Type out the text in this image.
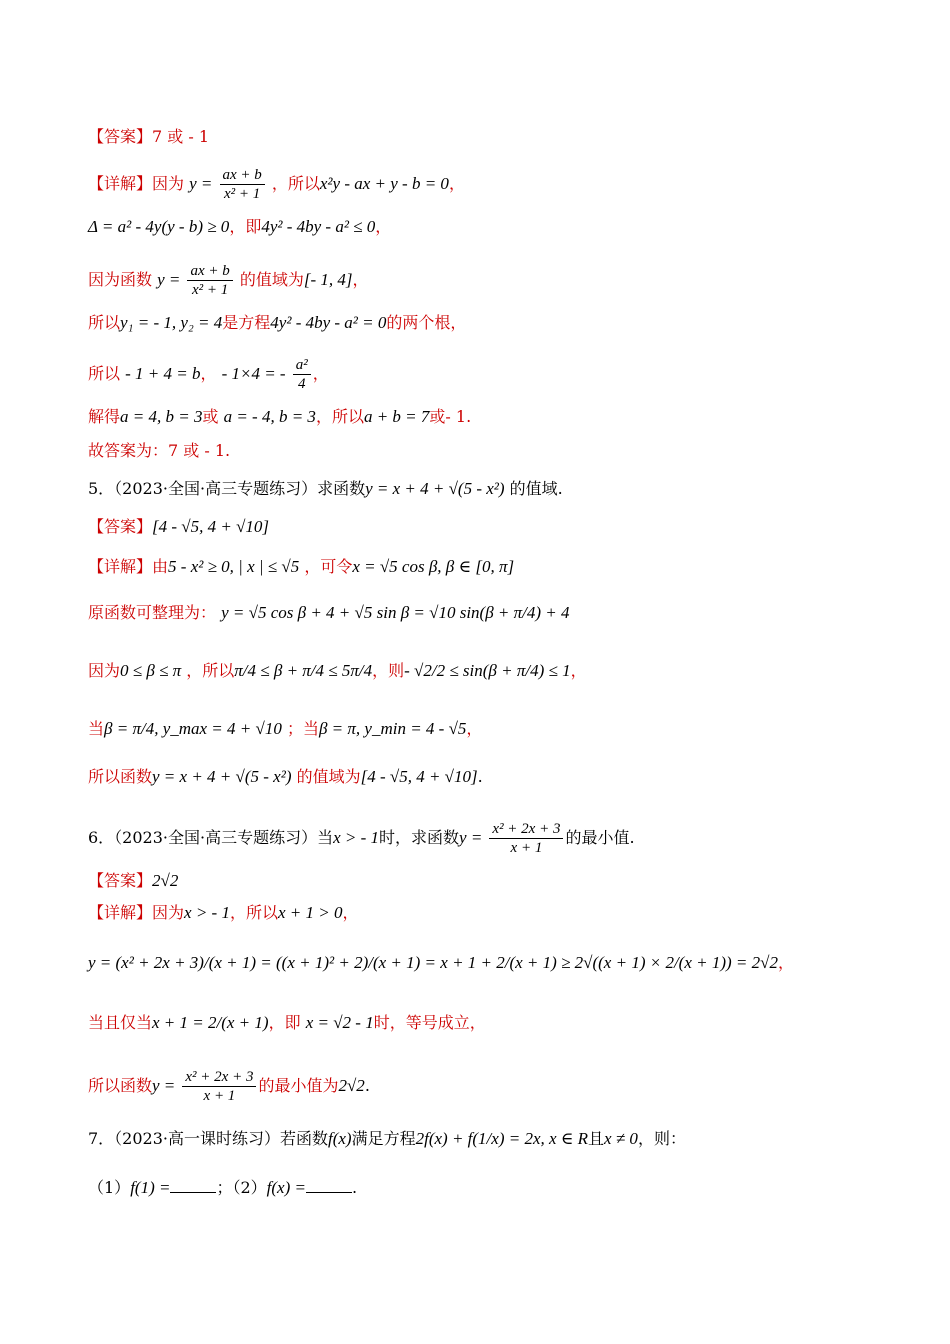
【答案】7 或 - 1
【详解】因为 $y = \frac{ax + b}{\text{x² + 1}}$ ，所以x²y - ax + y - b = 0，
Δ = a² - 4y(y - b) ≥ 0，即4y² - 4by - a² ≤ 0，
因为函数 $y = \frac{ax + b}{\text{x² + 1}}$ 的值域为[- 1, 4]，
所以y₁ = - 1, y₂ = 4是方程4y² - 4by - a² = 0的两个根，
所以 - 1 + 4 = b， - 1×4 = - $\frac{\text{a²}}{4}$ ，
解得a = 4, b = 3或 a = - 4, b = 3，所以a + b = 7或- 1.
故答案为：7 或 - 1.
5．（2023·全国·高三专题练习）求函数y = x + 4 + √(5 - x²) 的值域.
【答案】[4 - √5, 4 + √10]
【详解】由5 - x² ≥ 0, | x | ≤ √5 ，可令x = √5 cos β, β ∈ [0, π]
原函数可整理为： y = √5 cos β + 4 + √5 sin β = √10 sin(β + π/4) + 4
因为0 ≤ β ≤ π ，所以π/4 ≤ β + π/4 ≤ 5π/4，则- √2/2 ≤ sin(β + π/4) ≤ 1，
当β = π/4, y_max = 4 + √10 ；当β = π, y_min = 4 - √5，
所以函数y = x + 4 + √(5 - x²) 的值域为[4 - √5, 4 + √10].
6．（2023·全国·高三专题练习）当x > - 1时，求函数$y = \frac{\text{x² + 2x + 3}}{x + 1}$ 的最小值.
【答案】2√2
【详解】因为x > - 1，所以x + 1 > 0，
y = (x² + 2x + 3)/(x + 1) = ((x + 1)² + 2)/(x + 1) = x + 1 + 2/(x + 1) ≥ 2√((x + 1) × 2/(x + 1)) = 2√2，
当且仅当x + 1 = 2/(x + 1)，即 x = √2 - 1时，等号成立，
所以函数$y = \frac{\text{x² + 2x + 3}}{x + 1}$ 的最小值为2√2.
7．（2023·高一课时练习）若函数f(x)满足方程2f(x) + f(1/x) = 2x, x ∈ R且x ≠ 0，则：
（1）f(1) =	；（2）f(x) =	.
